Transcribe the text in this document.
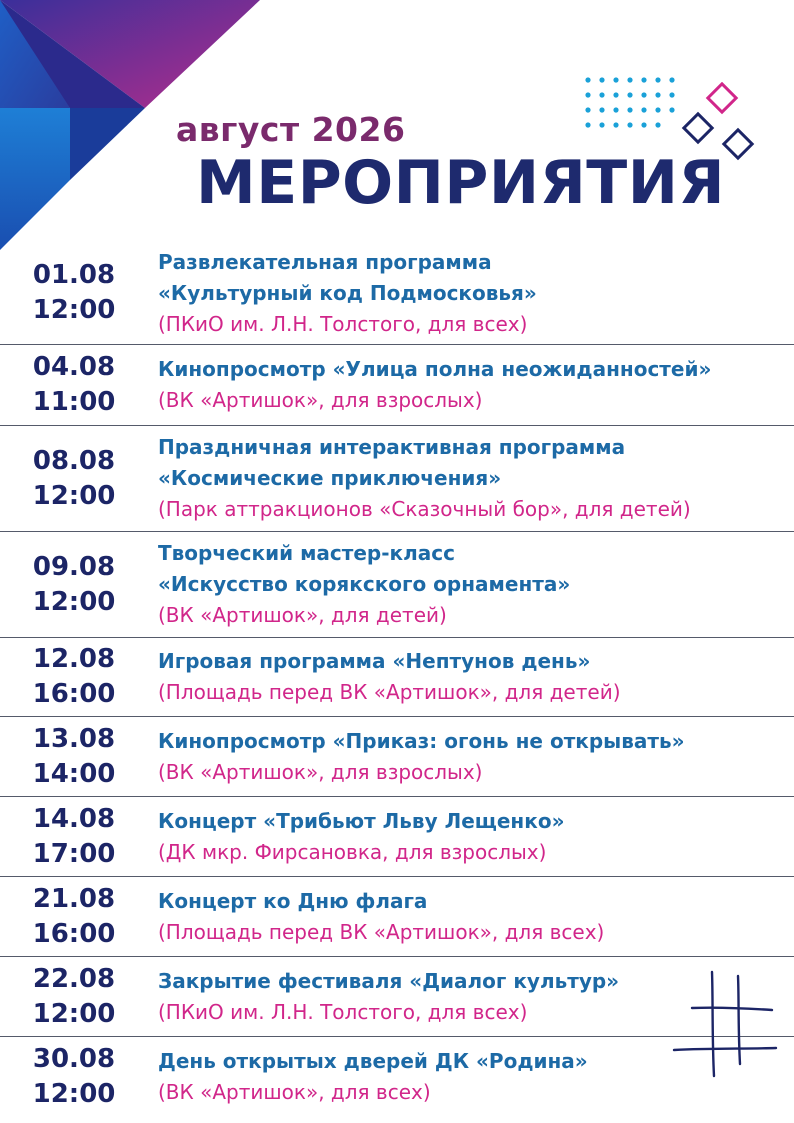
август 2026
МЕРОПРИЯТИЯ
01.08
12:00
Развлекательная программа
«Культурный код Подмосковья»
(ПКиО им. Л.Н. Толстого, для всех)
04.08
11:00
Кинопросмотр «Улица полна неожиданностей»
(ВК «Артишок», для взрослых)
08.08
12:00
Праздничная интерактивная программа
«Космические приключения»
(Парк аттракционов «Сказочный бор», для детей)
09.08
12:00
Творческий мастер-класс
«Искусство корякского орнамента»
(ВК «Артишок», для детей)
12.08
16:00
Игровая программа «Нептунов день»
(Площадь перед ВК «Артишок», для детей)
13.08
14:00
Кинопросмотр «Приказ: огонь не открывать»
(ВК «Артишок», для взрослых)
14.08
17:00
Концерт «Трибьют Льву Лещенко»
(ДК мкр. Фирсановка, для взрослых)
21.08
16:00
Концерт ко Дню флага
(Площадь перед ВК «Артишок», для всех)
22.08
12:00
Закрытие фестиваля «Диалог культур»
(ПКиО им. Л.Н. Толстого, для всех)
30.08
12:00
День открытых дверей ДК «Родина»
(ВК «Артишок», для всех)
